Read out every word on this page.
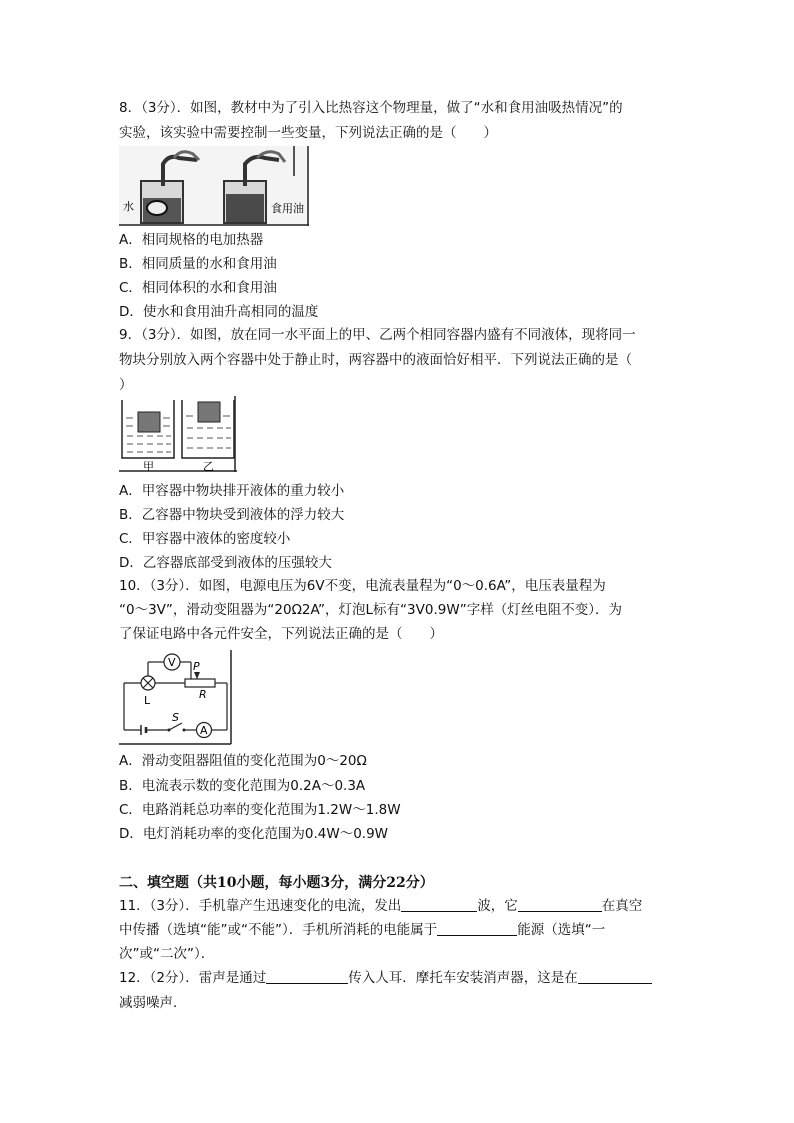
8．（3分）．如图，教材中为了引入比热容这个物理量，做了“水和食用油吸热情况”的
实验，该实验中需要控制一些变量，下列说法正确的是（　　）
水	食用油
A．相同规格的电加热器
B．相同质量的水和食用油
C．相同体积的水和食用油
D．使水和食用油升高相同的温度
9．（3分）．如图，放在同一水平面上的甲、乙两个相同容器内盛有不同液体，现将同一
物块分别放入两个容器中处于静止时，两容器中的液面恰好相平．下列说法正确的是（
）
甲	乙
A．甲容器中物块排开液体的重力较小
B．乙容器中物块受到液体的浮力较大
C．甲容器中液体的密度较小
D．乙容器底部受到液体的压强较大
10．（3分）．如图，电源电压为6V不变，电流表量程为“0～0.6A”，电压表量程为
“0～3V”，滑动变阻器为“20Ω2A”，灯泡L标有“3V0.9W”字样（灯丝电阻不变）．为
了保证电路中各元件安全，下列说法正确的是（　　）
V
L
P
R
S
A
A．滑动变阻器阻值的变化范围为0～20Ω
B．电流表示数的变化范围为0.2A～0.3A
C．电路消耗总功率的变化范围为1.2W～1.8W
D．电灯消耗功率的变化范围为0.4W～0.9W
二、填空题（共10小题，每小题3分，满分22分）
11．（3分）．手机靠产生迅速变化的电流，发出	波，它	在真空
中传播（选填“能”或“不能”）．手机所消耗的电能属于	能源（选填“一
次”或“二次”）．
12．（2分）．雷声是通过	传入人耳．摩托车安装消声器，这是在
减弱噪声．
